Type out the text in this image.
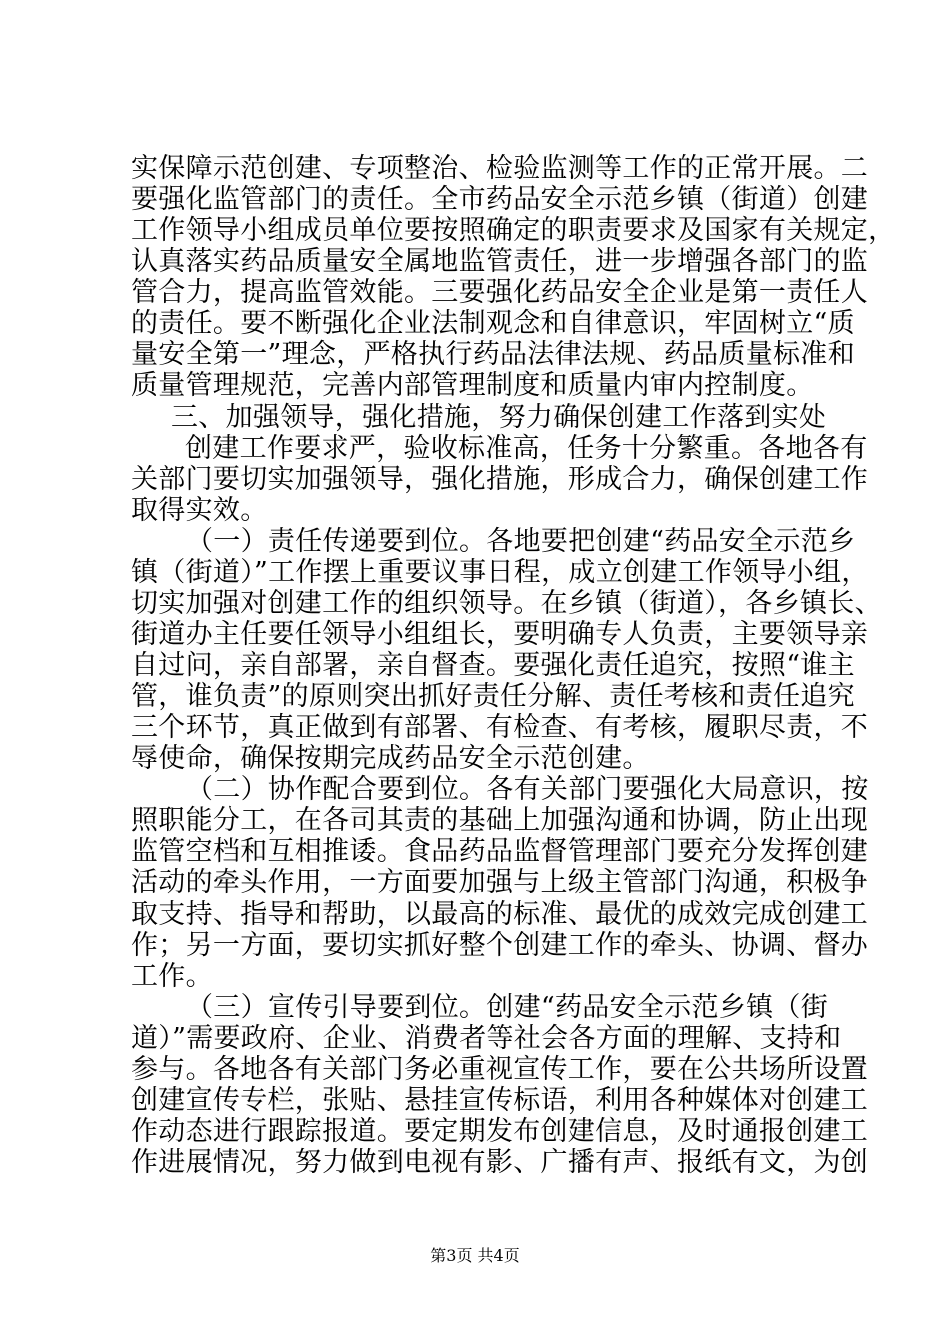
实保障示范创建、专项整治、检验监测等工作的正常开展。二
要强化监管部门的责任。全市药品安全示范乡镇（街道）创建
工作领导小组成员单位要按照确定的职责要求及国家有关规定，
认真落实药品质量安全属地监管责任，进一步增强各部门的监
管合力，提高监管效能。三要强化药品安全企业是第一责任人
的责任。要不断强化企业法制观念和自律意识，牢固树立“质
量安全第一”理念，严格执行药品法律法规、药品质量标准和
质量管理规范，完善内部管理制度和质量内审内控制度。
三、加强领导，强化措施，努力确保创建工作落到实处
创建工作要求严，验收标准高，任务十分繁重。各地各有
关部门要切实加强领导，强化措施，形成合力，确保创建工作
取得实效。
（一）责任传递要到位。各地要把创建“药品安全示范乡
镇（街道）”工作摆上重要议事日程，成立创建工作领导小组，
切实加强对创建工作的组织领导。在乡镇（街道），各乡镇长、
街道办主任要任领导小组组长，要明确专人负责，主要领导亲
自过问，亲自部署，亲自督查。要强化责任追究，按照“谁主
管，谁负责”的原则突出抓好责任分解、责任考核和责任追究
三个环节，真正做到有部署、有检查、有考核，履职尽责，不
辱使命，确保按期完成药品安全示范创建。
（二）协作配合要到位。各有关部门要强化大局意识，按
照职能分工，在各司其责的基础上加强沟通和协调，防止出现
监管空档和互相推诿。食品药品监督管理部门要充分发挥创建
活动的牵头作用，一方面要加强与上级主管部门沟通，积极争
取支持、指导和帮助，以最高的标准、最优的成效完成创建工
作；另一方面，要切实抓好整个创建工作的牵头、协调、督办
工作。
（三）宣传引导要到位。创建“药品安全示范乡镇（街
道）”需要政府、企业、消费者等社会各方面的理解、支持和
参与。各地各有关部门务必重视宣传工作，要在公共场所设置
创建宣传专栏，张贴、悬挂宣传标语，利用各种媒体对创建工
作动态进行跟踪报道。要定期发布创建信息，及时通报创建工
作进展情况，努力做到电视有影、广播有声、报纸有文，为创
第3页 共4页
